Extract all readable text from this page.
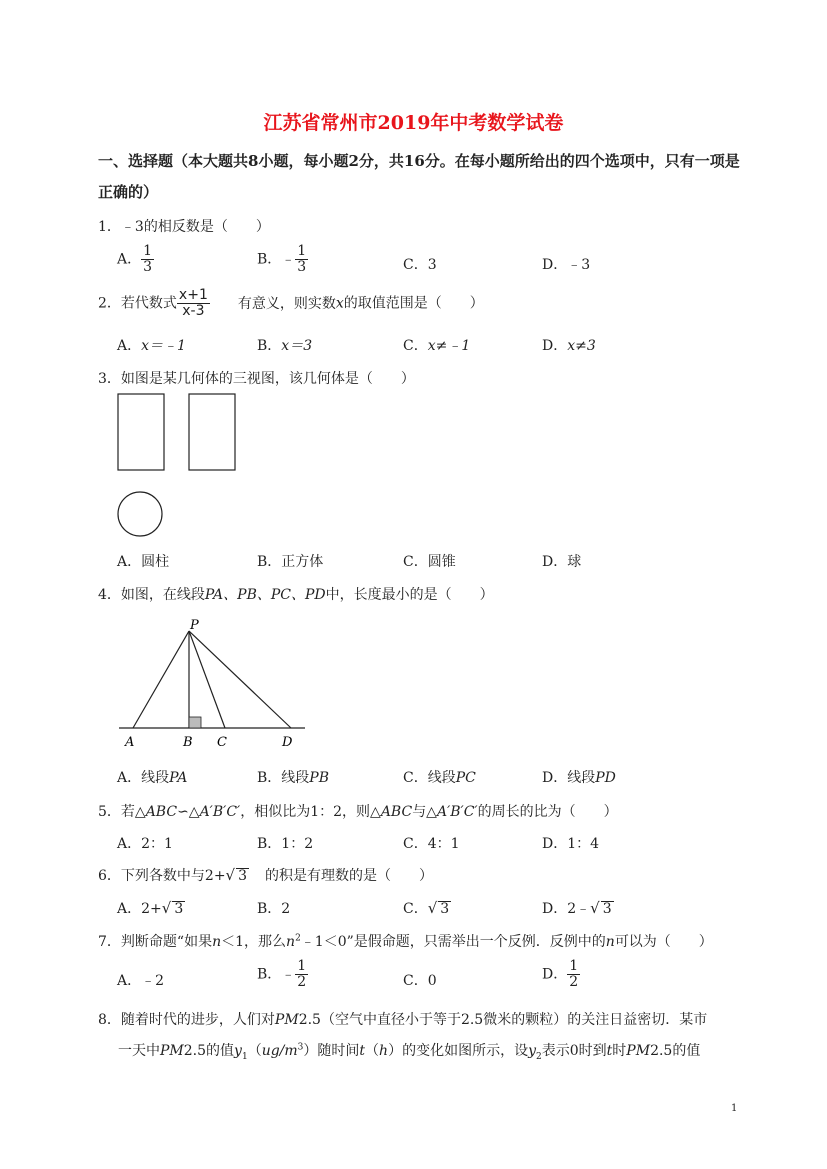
江苏省常州市2019年中考数学试卷
一、选择题（本大题共8小题，每小题2分，共16分。在每小题所给出的四个选项中，只有一项是
正确的）
1．﹣3的相反数是（　　）
A． $\frac{1}{3}$	B．﹣ $\frac{1}{3}$	C．3	D．﹣3
2．若代数式 $\frac{x+1}{x-3}$ 有意义，则实数x的取值范围是（　　）
A．x＝﹣1	B．x＝3	C．x≠﹣1	D．x≠3
3．如图是某几何体的三视图，该几何体是（　　）
A．圆柱	B．正方体	C．圆锥	D．球
4．如图，在线段PA、PB、PC、PD中，长度最小的是（　　）
P
A	B C	D
A．线段PA	B．线段PB	C．线段PC	D．线段PD
5．若△ABC∽△A′B′C′，相似比为1：2，则△ABC与△A′B′C′的周长的比为（　　）
A．2：1	B．1：2	C．4：1	D．1：4
6．下列各数中与2+√ 3 的积是有理数的是（　　）
A．2+√ 3	B．2	C．√ 3	D．2﹣√ 3
7．判断命题“如果n＜1，那么$n^2﹣1<0$”是假命题，只需举出一个反例．反例中的n可以为（　　）
A．﹣2	B．﹣ $\frac{1}{2}$	C．0	D． $\frac{1}{2}$
8．随着时代的进步，人们对PM2.5（空气中直径小于等于2.5微米的颗粒）的关注日益密切．某市
一天中PM2.5的值$y_1(ug/m^3)$随时间t（h）的变化如图所示，设$y_2$表示0时到t时PM2.5的值
1
